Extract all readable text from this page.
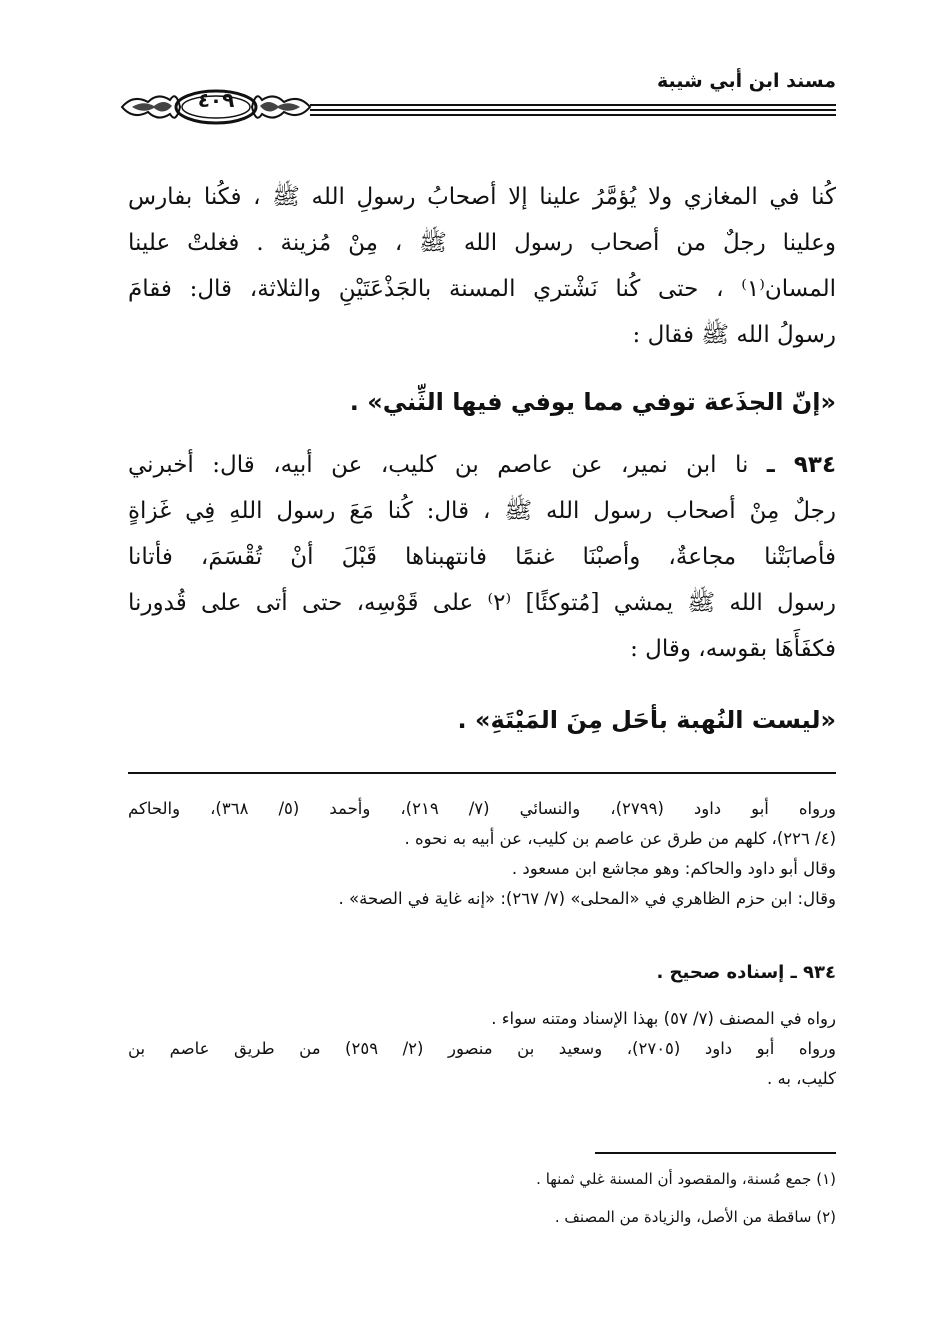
مسند ابن أبي شيبة
٤٠٩
كُنا في المغازي ولا يُؤمَّرُ علينا إلا أصحابُ رسولِ الله ﷺ ، فكُنا بفارس
وعلينا رجلٌ من أصحاب رسول الله ﷺ ، مِنْ مُزينة . فغلتْ علينا
المسان⁽١⁾ ، حتى كُنا نَشْتري المسنة بالجَذْعَتَيْنِ والثلاثة، قال: فقامَ
رسولُ الله ﷺ فقال :
«إنّ الجذَعة توفي مما يوفي فيها الثِّني» .
٩٣٤ ـ نا ابن نمير، عن عاصم بن كليب، عن أبيه، قال: أخبرني
رجلٌ مِنْ أصحاب رسول الله ﷺ ، قال: كُنا مَعَ رسول اللهِ فِي غَزاةٍ
فأصابَتْنا مجاعةٌ، وأصبْنَا غنمًا فانتهبناها قَبْلَ أنْ تُقْسَمَ، فأتانا
رسول الله ﷺ يمشي [مُتوكئًا] ⁽٢⁾ على قَوْسِه، حتى أتى على قُدورنا
فكفَأَهَا بقوسه، وقال :
«ليست النُهبة بأحَل مِنَ المَيْتَةِ» .
ورواه أبو داود (٢٧٩٩)، والنسائي (٧/ ٢١٩)، وأحمد (٥/ ٣٦٨)، والحاكم
(٤/ ٢٢٦)، كلهم من طرق عن عاصم بن كليب، عن أبيه به نحوه .
وقال أبو داود والحاكم: وهو مجاشع ابن مسعود .
وقال: ابن حزم الظاهري في «المحلى» (٧/ ٢٦٧): «إنه غاية في الصحة» .
٩٣٤ ـ إسناده صحيح .
رواه في المصنف (٧/ ٥٧) بهذا الإسناد ومتنه سواء .
ورواه أبو داود (٢٧٠٥)، وسعيد بن منصور (٢/ ٢٥٩) من طريق عاصم بن
كليب، به .
(١) جمع مُسنة، والمقصود أن المسنة غلي ثمنها .
(٢) ساقطة من الأصل، والزيادة من المصنف .
